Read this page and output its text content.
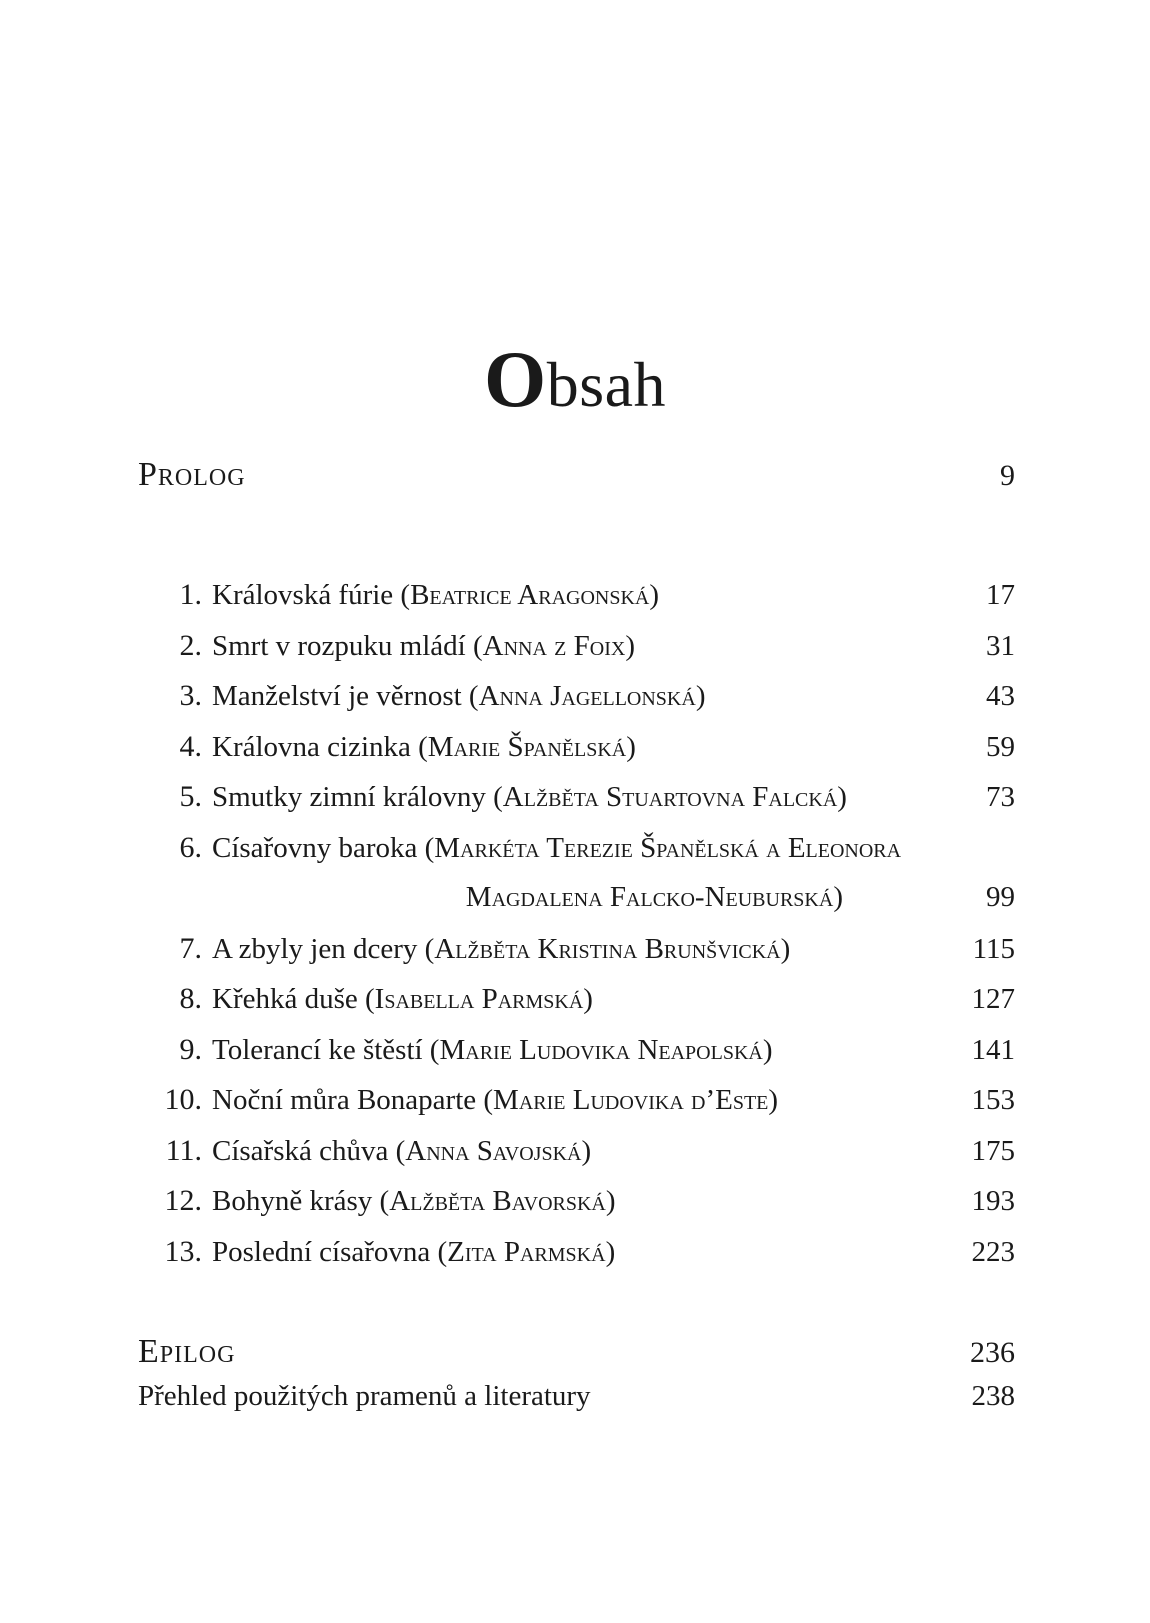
Obsah
Prolog	9
1. Královská fúrie (Beatrice Aragonská)	17
2. Smrt v rozpuku mládí (Anna z Foix)	31
3. Manželství je věrnost (Anna Jagellonská)	43
4. Královna cizinka (Marie Španělská)	59
5. Smutky zimní královny (Alžběta Stuartovna Falcká)	73
6. Císařovny baroka (Markéta Terezie Španělská a Eleonora
Magdalena Falcko-Neuburská)	99
7. A zbyly jen dcery (Alžběta Kristina Brunšvická)	115
8. Křehká duše (Isabella Parmská)	127
9. Tolerancí ke štěstí (Marie Ludovika Neapolská)	141
10. Noční můra Bonaparte (Marie Ludovika d’Este)	153
11. Císařská chůva (Anna Savojská)	175
12. Bohyně krásy (Alžběta Bavorská)	193
13. Poslední císařovna (Zita Parmská)	223
Epilog	236
Přehled použitých pramenů a literatury	238
